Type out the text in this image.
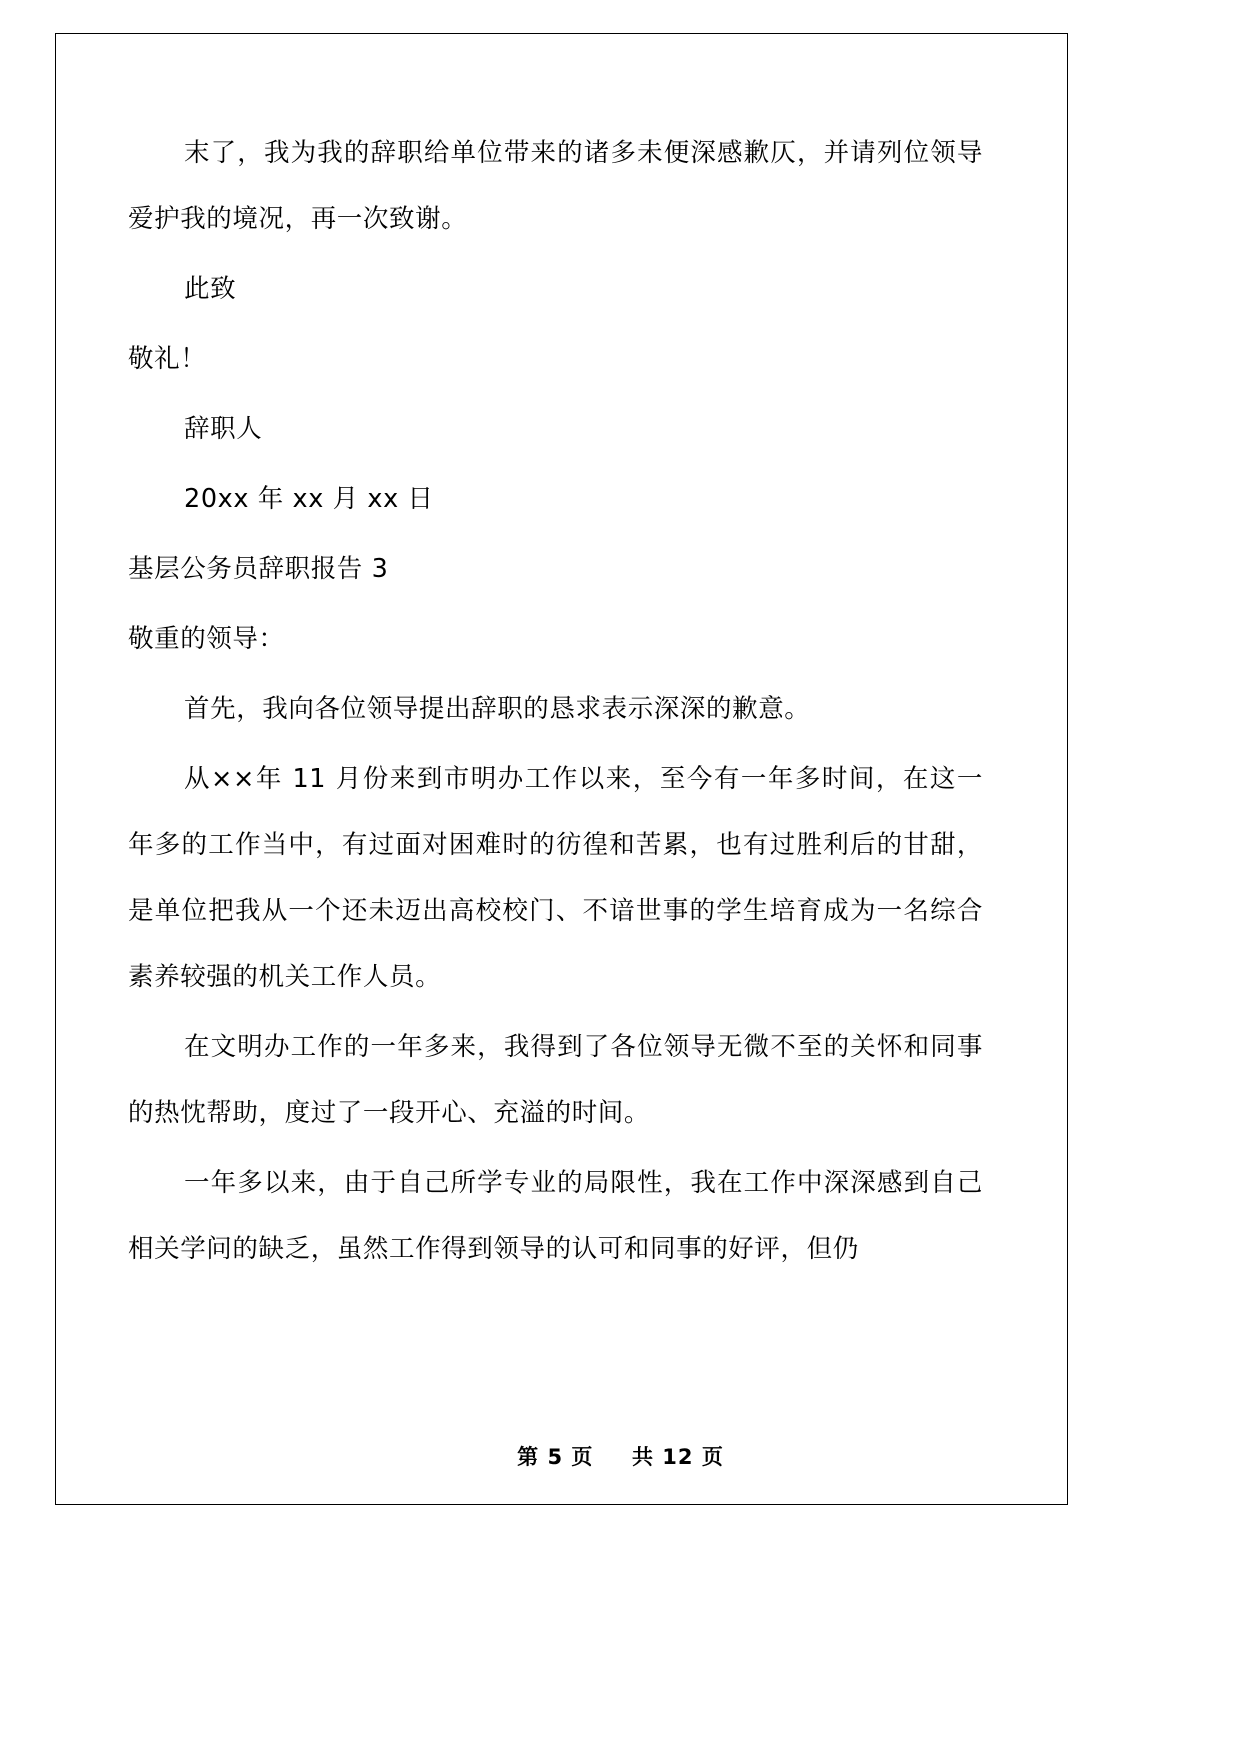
末了，我为我的辞职给单位带来的诸多未便深感歉仄，并请列位领导爱护我的境况，再一次致谢。

此致

敬礼！

辞职人

20xx 年 xx 月 xx 日

基层公务员辞职报告 3

敬重的领导：

首先，我向各位领导提出辞职的恳求表示深深的歉意。

从××年 11 月份来到市明办工作以来，至今有一年多时间，在这一年多的工作当中，有过面对困难时的彷徨和苦累，也有过胜利后的甘甜，是单位把我从一个还未迈出高校校门、不谙世事的学生培育成为一名综合素养较强的机关工作人员。

在文明办工作的一年多来，我得到了各位领导无微不至的关怀和同事的热忱帮助，度过了一段开心、充溢的时间。

一年多以来，由于自己所学专业的局限性，我在工作中深深感到自己相关学问的缺乏，虽然工作得到领导的认可和同事的好评，但仍

第 5 页 共 12 页
